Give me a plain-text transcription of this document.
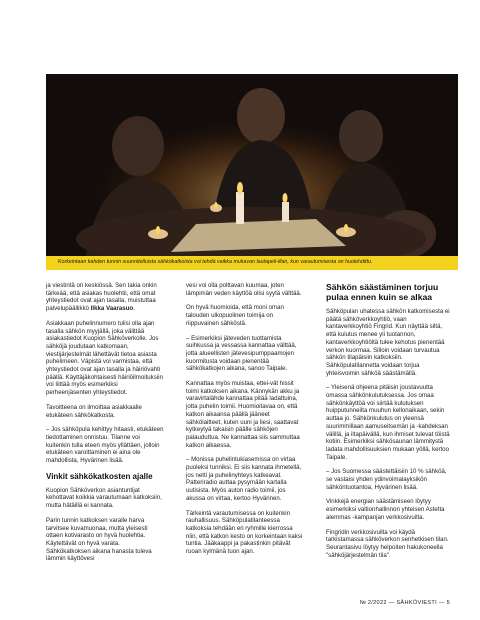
Korkeintaan kahden tunnin suunnitelluista sähkökatkoista voi tehdä vaikka mukavan lautapeli-illan, kun varautumisesta on huolehdittu.

ja viestintä on keskiössä. Sen takia onkin tärkeää, että asiakas huolehtii, että omat yhteystiedot ovat ajan tasalla, muistuttaa palvelupäällikkö Ilkka Vaarasuo.

Asiakkaan puhelinnumero tulisi olla ajan tasalla sähkön myyjällä, joka välittää asiakastiedot Kuopion Sähköverkolle. Jos sähköjä joudutaan katkomaan, viestijärjestelmät lähettävät tietoa asiasta puhelimeen. Väpistä voi varmistaa, että yhteystiedot ovat ajan tasalla ja häiriövahti päällä. Käyttäjäkohtaisesti häiriöilmoituksiin voi liittää myös esimerkiksi perheenjäsenten yhteystiedot.

Tavoitteena on ilmoittaa asiakkaalle etukäteen sähkökatkosta.

– Jos sähköpula kehittyy hitaasti, etukäteen tiedottaminen onnistuu. Tilanne voi kuitenkin tulla eteen myös yllättäen, jolloin etukäteen varoittaminen ei aina ole mahdollista, Hyvärinen lisää.

Vinkit sähkökatkosten ajalle

Kuopion Sähköverkon asiantuntijat kehottavat koikkia varautumaan katkoksiin, mutta hätäillä ei kannata.

Parin tunnin katkoksen varalle harva tarvitsee kuvamuonaa, mutta yleisesti ottaen kotivarasto on hyvä huolehtia. Käytettävät on hyvä varata. Sähkökatkoksen aikana hanasta tuleva lämmin käyttövesi

vesi voi olla polttavan kuumaa, joten lämpimän veden käyttöä olisi syytä välttää.

On hyvä huomioida, että moni oman talouden ulkopuolinen toimija on riippuvainen sähköstä.

– Esimerkiksi jäteveden tuottamista suihkussa ja vessassa kannattaa välttää, jotta alueellisten jätevesipumppaamojen kuormitusta voidaan pienentää sähkökatkojen aikana, sanoo Taipale.

Kannattaa myös muistaa, ettei-vät hissit toimi katkoksen aikana. Kännykän akku ja varavirtalähde kannattaa pitää ladattuina, jotta puhelin toimii. Huomioitavaa on, että katkon aikaansa päällä jääneet sähkölaitteet, kuten uuni ja liesi, saattavat kytkeytyä takaisin päälle sähköjen palauduttua. Ne kannattaa siis sammuttaa katkon alkaessa.

– Monissa puhelintukiasemissa on virtaa puoleksi tunniksi. Ei siis kannata ihmetellä, jos netti ja puhelinyhteys katkeavat. Patteriradio auttaa pysymään kartalla uutisista. Myös auton radio toimii, jos akussa on virtaa, kertoo Hyvärinen.

Tärkeintä varautumisessa on kuitenkin rauhallisuus. Sähköpulatilanteessa katkoksia tehdään eri ryhmille kierrossa niin, että katkon kesto on korkeintaan kaksi tuntia. Jääkaappi ja pakastinkin pitävät ruoan kylmänä tuon ajan.

Sähkön säästäminen torjuu pulaa ennen kuin se alkaa

Sähköpulan uhatessa sähkön katkomisesta ei päätä sähköverkkoyhtiö, vaan kantaverkkoyhtiö Fingrid. Kun näyttää siltä, että kulutus menee yli tuotannon, kantaverkkoyhtiöltä tulee kehotus pienentää verkon kuormaa. Silloin voidaan turvautua sähkön tilapäisiin katkoksiin. Sähköpulatilannetta voidaan torjua yhteisvoimin sähköä säästämällä.

– Yleisenä ohjeena pitäisin joustavuutta omassa sähkönkulutuksessa. Jos omaa sähkönkäyttöä voi siirtää kulutuksen huipputunneilta muuhun kellonaikaan, sekin auttaa jo. Sähkönkulutus on yleensä suurimmillaan aamuseitsemän ja -kahdeksan välillä, ja iltapäivällä, kun ihmiset tulevat töistä kotiin. Esimerkiksi sähkösaunan lämmitystä ladata mahdollisuuksien mukaan yöllä, kertoo Taipale.

– Jos Suomessa säästettäisiin 10 % sähköä, se vastaisi yhden ydinvoimalayksikön sähköntuotantoa, Hyvärinen lisää.

Vinkkejä energian säästämiseen löytyy esimerkiksi valtionhallinnon yhteisen Astetta alemmas -kampanjan verkkosivuilta.

Fingridin verkkosivuilta voi käydä tarkistamassa sähköverkon senhetkisen tilan. Seurantasivu löytyy helpoiten hakukoneella "sähköjärjestelmän tila".

№ 2/2022 — SÄHKÖVIESTI — 5
